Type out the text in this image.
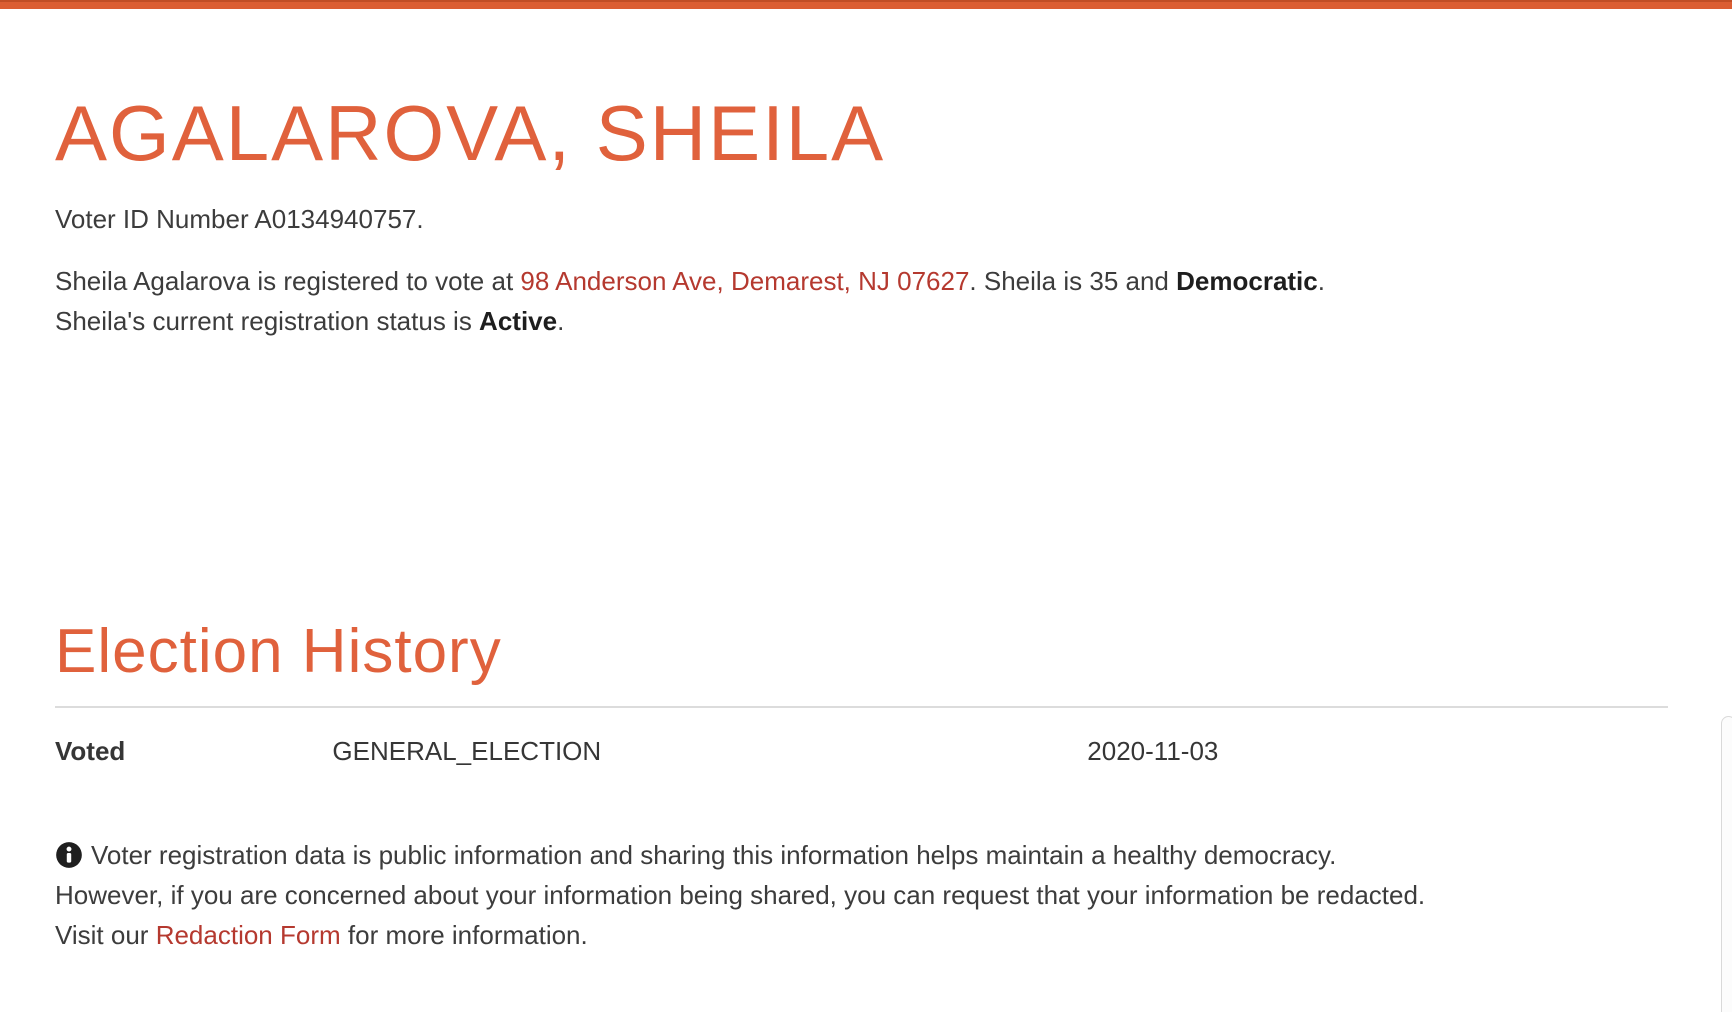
AGALAROVA, SHEILA

Voter ID Number A0134940757.

Sheila Agalarova is registered to vote at 98 Anderson Ave, Demarest, NJ 07627. Sheila is 35 and Democratic.
Sheila's current registration status is Active.

Election History
Voted	GENERAL_ELECTION	2020-11-03

Voter registration data is public information and sharing this information helps maintain a healthy democracy.
However, if you are concerned about your information being shared, you can request that your information be redacted.
Visit our Redaction Form for more information.
